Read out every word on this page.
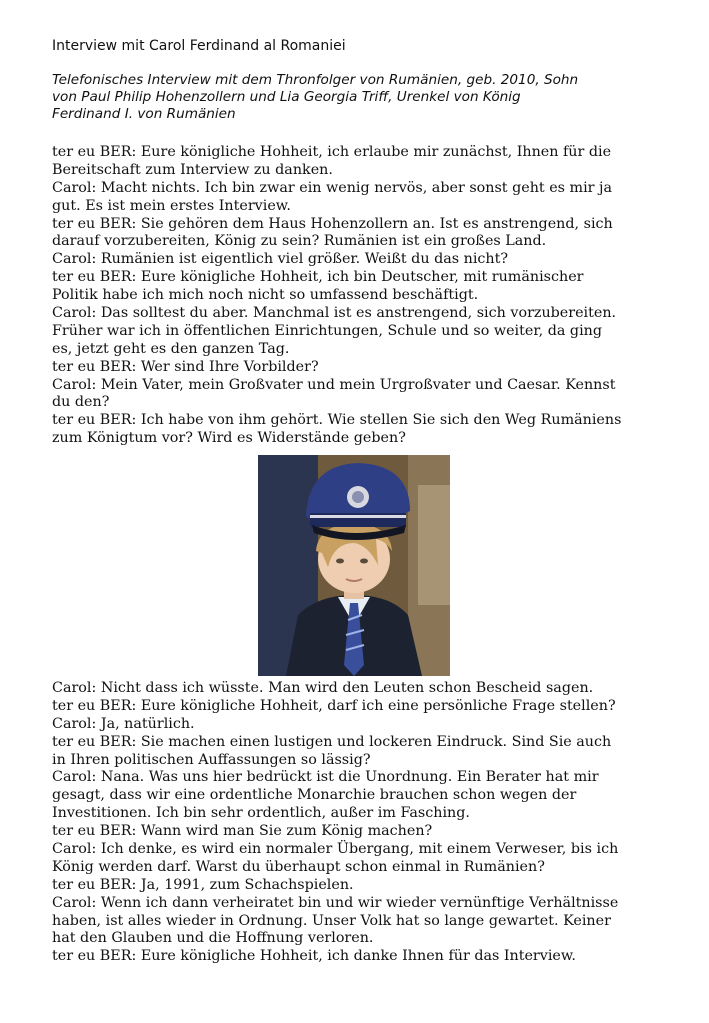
Interview mit Carol Ferdinand al Romaniei
Telefonisches Interview mit dem Thronfolger von Rumänien, geb. 2010, Sohn
von Paul Philip Hohenzollern und Lia Georgia Triff, Urenkel von König
Ferdinand I. von Rumänien
ter eu BER: Eure königliche Hohheit, ich erlaube mir zunächst, Ihnen für die
Bereitschaft zum Interview zu danken.
Carol: Macht nichts. Ich bin zwar ein wenig nervös, aber sonst geht es mir ja
gut. Es ist mein erstes Interview.
ter eu BER: Sie gehören dem Haus Hohenzollern an. Ist es anstrengend, sich
darauf vorzubereiten, König zu sein? Rumänien ist ein großes Land.
Carol: Rumänien ist eigentlich viel größer. Weißt du das nicht?
ter eu BER: Eure königliche Hohheit, ich bin Deutscher, mit rumänischer
Politik habe ich mich noch nicht so umfassend beschäftigt.
Carol: Das solltest du aber. Manchmal ist es anstrengend, sich vorzubereiten.
Früher war ich in öffentlichen Einrichtungen, Schule und so weiter, da ging
es, jetzt geht es den ganzen Tag.
ter eu BER: Wer sind Ihre Vorbilder?
Carol: Mein Vater, mein Großvater und mein Urgroßvater und Caesar. Kennst
du den?
ter eu BER: Ich habe von ihm gehört. Wie stellen Sie sich den Weg Rumäniens
zum Königtum vor? Wird es Widerstände geben?
Carol: Nicht dass ich wüsste. Man wird den Leuten schon Bescheid sagen.
ter eu BER: Eure königliche Hohheit, darf ich eine persönliche Frage stellen?
Carol: Ja, natürlich.
ter eu BER: Sie machen einen lustigen und lockeren Eindruck. Sind Sie auch
in Ihren politischen Auffassungen so lässig?
Carol: Nana. Was uns hier bedrückt ist die Unordnung. Ein Berater hat mir
gesagt, dass wir eine ordentliche Monarchie brauchen schon wegen der
Investitionen. Ich bin sehr ordentlich, außer im Fasching.
ter eu BER: Wann wird man Sie zum König machen?
Carol: Ich denke, es wird ein normaler Übergang, mit einem Verweser, bis ich
König werden darf. Warst du überhaupt schon einmal in Rumänien?
ter eu BER: Ja, 1991, zum Schachspielen.
Carol: Wenn ich dann verheiratet bin und wir wieder vernünftige Verhältnisse
haben, ist alles wieder in Ordnung. Unser Volk hat so lange gewartet. Keiner
hat den Glauben und die Hoffnung verloren.
ter eu BER: Eure königliche Hohheit, ich danke Ihnen für das Interview.
